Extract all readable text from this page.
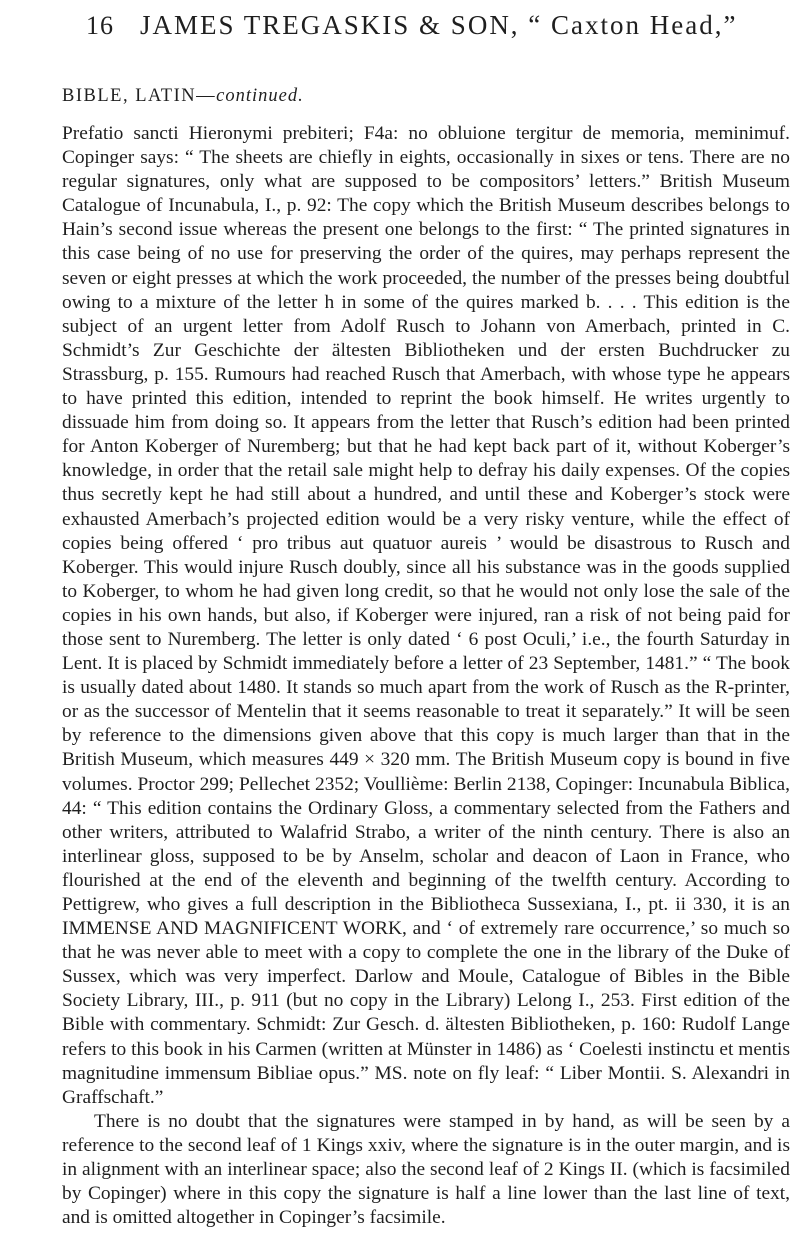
16 JAMES TREGASKIS & SON, “ Caxton Head,”
BIBLE, LATIN—continued.

Prefatio sancti Hieronymi prebiteri; F4a: no obluione tergitur de memoria, meminimuf. Copinger says: “ The sheets are chiefly in eights, occasionally in sixes or tens. There are no regular signatures, only what are supposed to be compositors’ letters.” British Museum Catalogue of Incunabula, I., p. 92: The copy which the British Museum describes belongs to Hain’s second issue whereas the present one belongs to the first: “ The printed signatures in this case being of no use for preserving the order of the quires, may perhaps represent the seven or eight presses at which the work proceeded, the number of the presses being doubtful owing to a mixture of the letter h in some of the quires marked b. . . . This edition is the subject of an urgent letter from Adolf Rusch to Johann von Amerbach, printed in C. Schmidt’s Zur Geschichte der ältesten Bibliotheken und der ersten Buchdrucker zu Strassburg, p. 155. Rumours had reached Rusch that Amerbach, with whose type he appears to have printed this edition, intended to reprint the book himself. He writes urgently to dissuade him from doing so. It appears from the letter that Rusch’s edition had been printed for Anton Koberger of Nuremberg; but that he had kept back part of it, without Koberger’s knowledge, in order that the retail sale might help to defray his daily expenses. Of the copies thus secretly kept he had still about a hundred, and until these and Koberger’s stock were exhausted Amerbach’s projected edition would be a very risky venture, while the effect of copies being offered ‘ pro tribus aut quatuor aureis ’ would be disastrous to Rusch and Koberger. This would injure Rusch doubly, since all his substance was in the goods supplied to Koberger, to whom he had given long credit, so that he would not only lose the sale of the copies in his own hands, but also, if Koberger were injured, ran a risk of not being paid for those sent to Nuremberg. The letter is only dated ‘ 6 post Oculi,’ i.e., the fourth Saturday in Lent. It is placed by Schmidt immediately before a letter of 23 September, 1481.” “ The book is usually dated about 1480. It stands so much apart from the work of Rusch as the R-printer, or as the successor of Mentelin that it seems reasonable to treat it separately.” It will be seen by reference to the dimensions given above that this copy is much larger than that in the British Museum, which measures 449 × 320 mm. The British Museum copy is bound in five volumes. Proctor 299; Pellechet 2352; Voullième: Berlin 2138, Copinger: Incunabula Biblica, 44: “ This edition contains the Ordinary Gloss, a commentary selected from the Fathers and other writers, attributed to Walafrid Strabo, a writer of the ninth century. There is also an interlinear gloss, supposed to be by Anselm, scholar and deacon of Laon in France, who flourished at the end of the eleventh and beginning of the twelfth century. According to Pettigrew, who gives a full description in the Bibliotheca Sussexiana, I., pt. ii 330, it is an IMMENSE AND MAGNIFICENT WORK, and ‘ of extremely rare occurrence,’ so much so that he was never able to meet with a copy to complete the one in the library of the Duke of Sussex, which was very imperfect. Darlow and Moule, Catalogue of Bibles in the Bible Society Library, III., p. 911 (but no copy in the Library) Lelong I., 253. First edition of the Bible with commentary. Schmidt: Zur Gesch. d. ältesten Bibliotheken, p. 160: Rudolf Lange refers to this book in his Carmen (written at Münster in 1486) as ‘ Coelesti instinctu et mentis magnitudine immensum Bibliae opus.” MS. note on fly leaf: “ Liber Montii. S. Alexandri in Graffschaft.”

There is no doubt that the signatures were stamped in by hand, as will be seen by a reference to the second leaf of 1 Kings xxiv, where the signature is in the outer margin, and is in alignment with an interlinear space; also the second leaf of 2 Kings II. (which is facsimiled by Copinger) where in this copy the signature is half a line lower than the last line of text, and is omitted altogether in Copinger’s facsimile.
